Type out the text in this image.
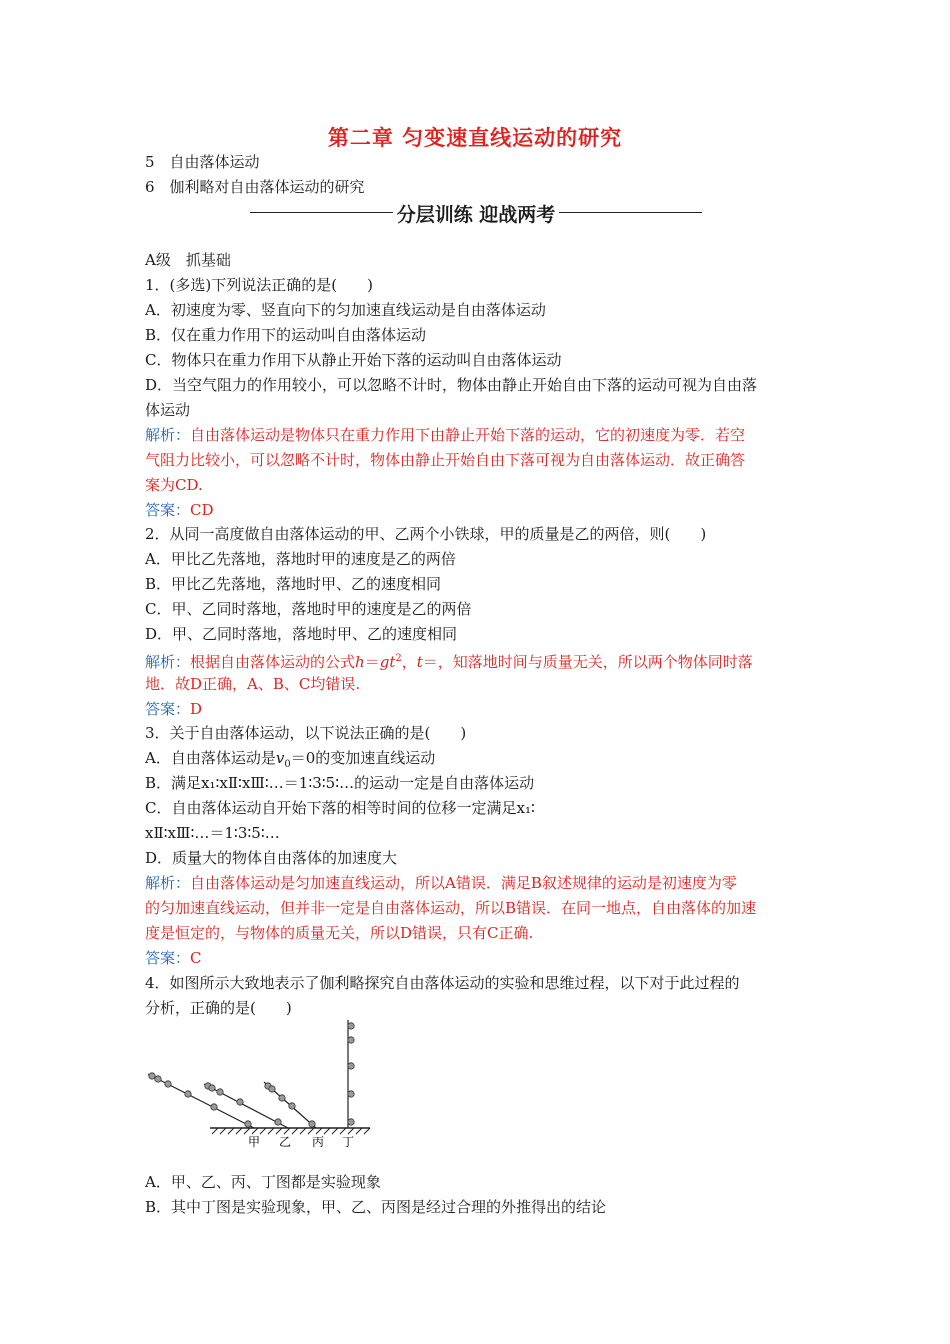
第二章 匀变速直线运动的研究
5　自由落体运动
6　伽利略对自由落体运动的研究
分层训练 迎战两考
A级　抓基础
1．(多选)下列说法正确的是(　　)
A．初速度为零、竖直向下的匀加速直线运动是自由落体运动
B．仅在重力作用下的运动叫自由落体运动
C．物体只在重力作用下从静止开始下落的运动叫自由落体运动
D．当空气阻力的作用较小，可以忽略不计时，物体由静止开始自由下落的运动可视为自由落
体运动
解析：自由落体运动是物体只在重力作用下由静止开始下落的运动，它的初速度为零．若空
气阻力比较小，可以忽略不计时，物体由静止开始自由下落可视为自由落体运动．故正确答
案为CD.
答案：CD
2．从同一高度做自由落体运动的甲、乙两个小铁球，甲的质量是乙的两倍，则(　　)
A．甲比乙先落地，落地时甲的速度是乙的两倍
B．甲比乙先落地，落地时甲、乙的速度相同
C．甲、乙同时落地，落地时甲的速度是乙的两倍
D．甲、乙同时落地，落地时甲、乙的速度相同
解析：根据自由落体运动的公式$h=gt^2$，t＝，知落地时间与质量无关，所以两个物体同时落
地．故D正确，A、B、C均错误.
答案：D
3．关于自由落体运动，以下说法正确的是(　　)
A．自由落体运动是$v_0=0$的变加速直线运动
B．满足x₁∶xⅡ∶xⅢ∶…＝1∶3∶5∶…的运动一定是自由落体运动
C．自由落体运动自开始下落的相等时间的位移一定满足x₁∶
xⅡ∶xⅢ∶…＝1∶3∶5∶…
D．质量大的物体自由落体的加速度大
解析：自由落体运动是匀加速直线运动，所以A错误．满足B叙述规律的运动是初速度为零
的匀加速直线运动，但并非一定是自由落体运动，所以B错误．在同一地点，自由落体的加速
度是恒定的，与物体的质量无关，所以D错误，只有C正确.
答案：C
4．如图所示大致地表示了伽利略探究自由落体运动的实验和思维过程，以下对于此过程的
分析，正确的是(　　)
甲 乙 丙 丁
A．甲、乙、丙、丁图都是实验现象
B．其中丁图是实验现象，甲、乙、丙图是经过合理的外推得出的结论
